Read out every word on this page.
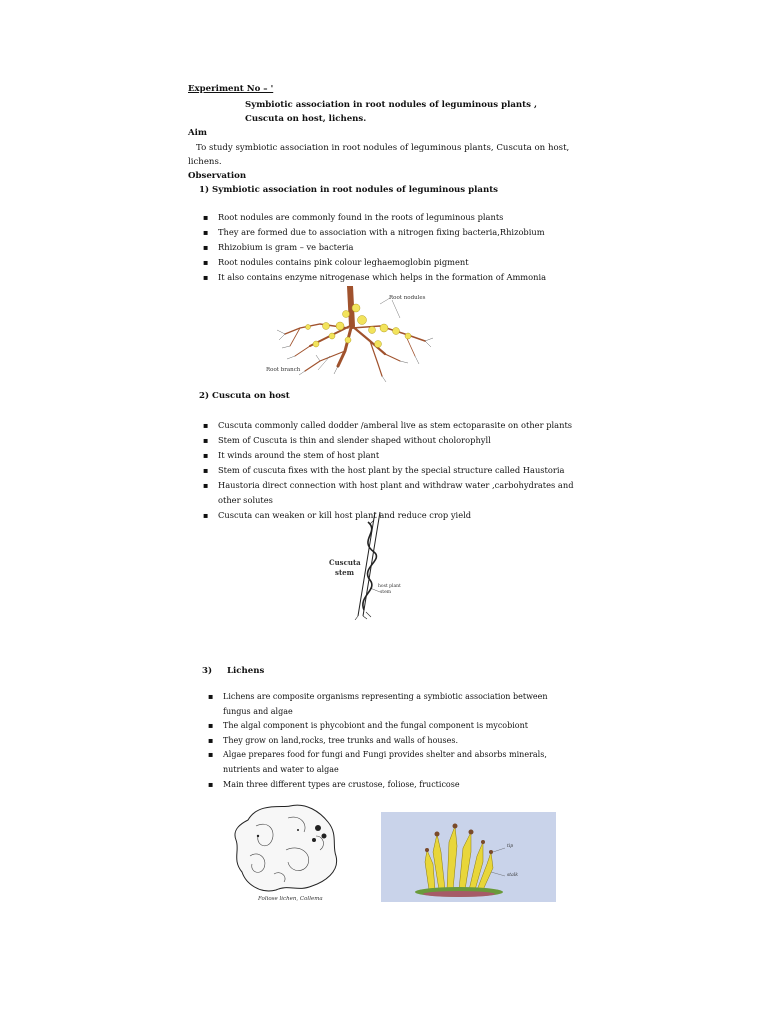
Experiment No – '
Symbiotic association in root nodules of leguminous plants ,
Cuscuta on host, lichens.
Aim
To study symbiotic association in root nodules of leguminous plants, Cuscuta on host,
lichens.
Observation
1) Symbiotic association in root nodules of leguminous plants
▪ Root nodules are commonly found in the roots of leguminous plants
▪ They are formed due to association with a nitrogen fixing bacteria,Rhizobium
▪ Rhizobium is gram – ve bacteria
▪ Root nodules contains pink colour leghaemoglobin pigment
▪ It also contains enzyme nitrogenase which helps in the formation of Ammonia
Root nodules
Root branch
2) Cuscuta on host
▪ Cuscuta commonly called dodder /amberal live as stem ectoparasite on other plants
▪ Stem of Cuscuta is thin and slender shaped without cholorophyll
▪ It winds around the stem of host plant
▪ Stem of cuscuta fixes with the host plant by the special structure called Haustoria
▪ Haustoria direct connection with host plant and withdraw water ,carbohydrates and
other solutes
▪ Cuscuta can weaken or kill host plant and reduce crop yield
Cuscuta
stem
host plant
stem
3)     Lichens
▪ Lichens are composite organisms representing a symbiotic association between
fungus and algae
▪ The algal component is phycobiont and the fungal component is mycobiont
▪ They grow on land,rocks, tree trunks and walls of houses.
▪ Algae prepares food for fungi and Fungi provides shelter and absorbs minerals,
nutrients and water to algae
▪ Main three different types are crustose, foliose, fructicose
Foliose lichen, Collema
tip
stalk
